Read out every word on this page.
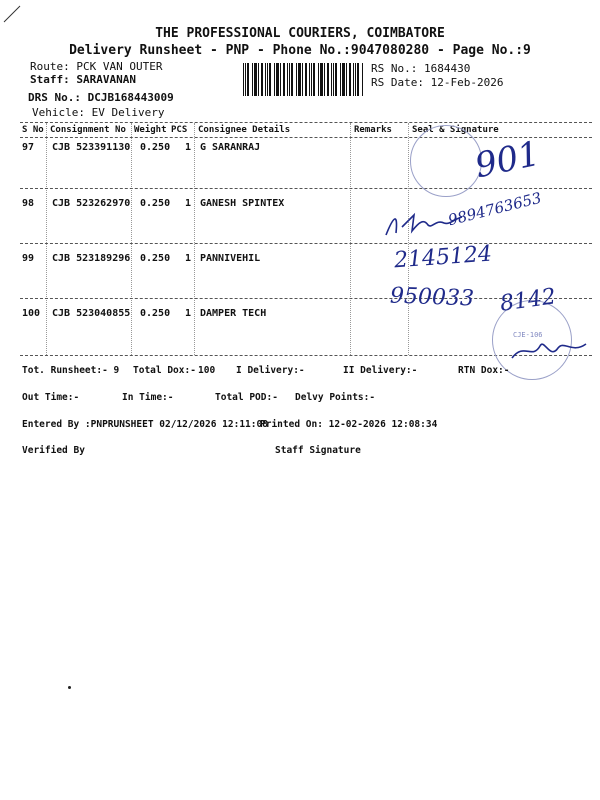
THE PROFESSIONAL COURIERS, COIMBATORE
Delivery Runsheet - PNP - Phone No.:9047080280 - Page No.:9
Route: PCK VAN OUTER
Staff: SARAVANAN
DRS No.: DCJB168443009
Vehicle: EV Delivery
RS No.: 1684430
RS Date: 12-Feb-2026
S No Consignment No Weight PCS Consignee Details	Remarks Seal & Signature
97 CJB 523391130 0.250 1 G SARANRAJ
98 CJB 523262970 0.250 1 GANESH SPINTEX
99 CJB 523189296 0.250 1 PANNIVEHIL
100 CJB 523040855 0.250 1 DAMPER TECH
CJE-106
901
9894763653
2145124
950033 8142
Tot. Runsheet:- 9 Total Dox:- 100 I Delivery:-	II Delivery:-	RTN Dox:-
Out Time:-	In Time:-	Total POD:- Delvy Points:-
Entered By :PNPRUNSHEET 02/12/2026 12:11:08
Printed On: 12-02-2026 12:08:34
Verified By	Staff Signature
